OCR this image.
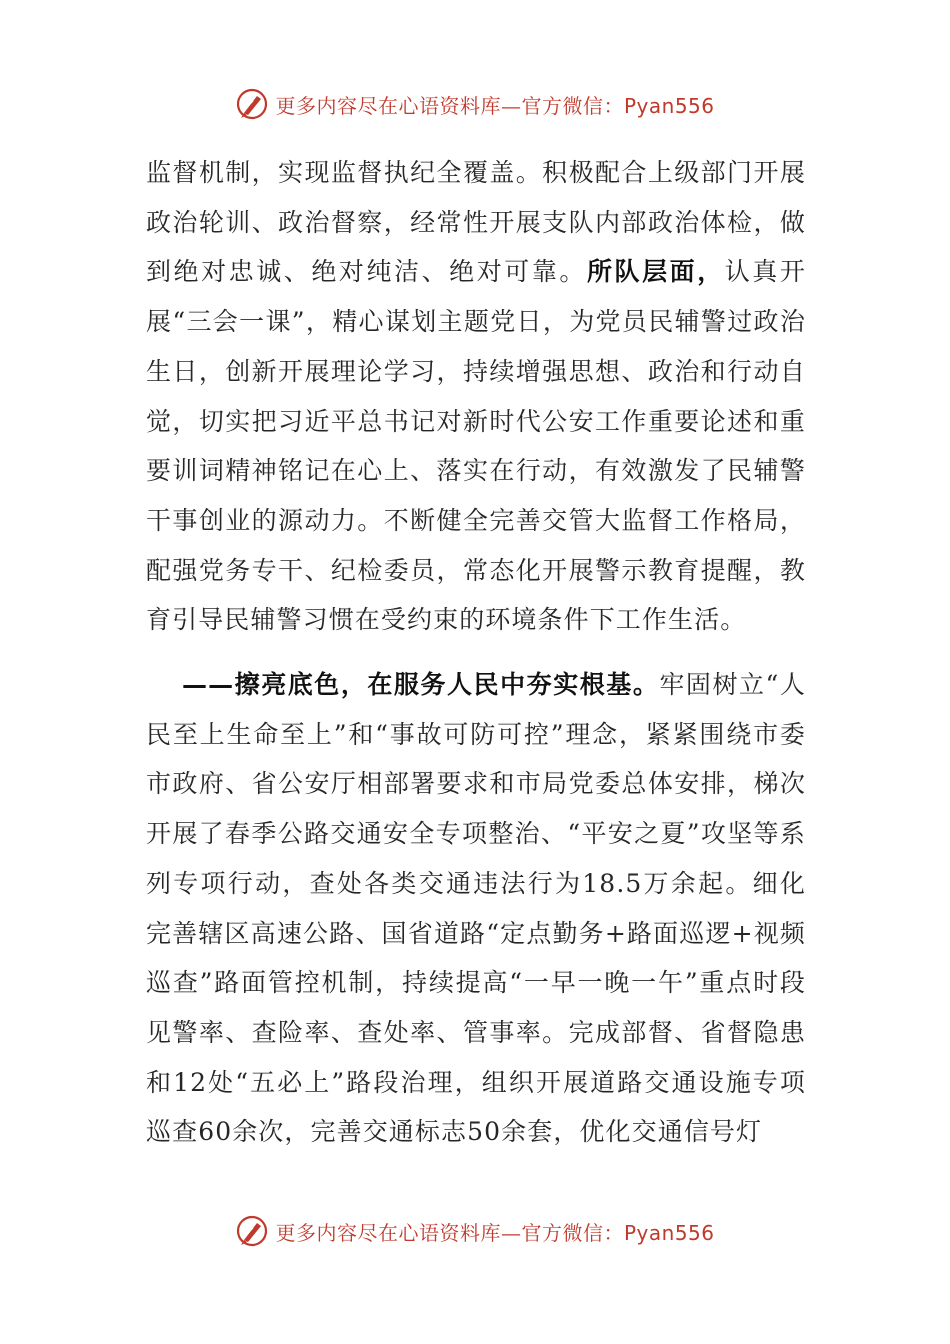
更多内容尽在心语资料库—官方微信：Pyan556

监督机制，实现监督执纪全覆盖。积极配合上级部门开展政治轮训、政治督察，经常性开展支队内部政治体检，做到绝对忠诚、绝对纯洁、绝对可靠。所队层面，认真开展“三会一课”，精心谋划主题党日，为党员民辅警过政治生日，创新开展理论学习，持续增强思想、政治和行动自觉，切实把习近平总书记对新时代公安工作重要论述和重要训词精神铭记在心上、落实在行动，有效激发了民辅警干事创业的源动力。不断健全完善交管大监督工作格局，配强党务专干、纪检委员，常态化开展警示教育提醒，教育引导民辅警习惯在受约束的环境条件下工作生活。

——擦亮底色，在服务人民中夯实根基。牢固树立“人民至上生命至上”和“事故可防可控”理念，紧紧围绕市委市政府、省公安厅相部署要求和市局党委总体安排，梯次开展了春季公路交通安全专项整治、“平安之夏”攻坚等系列专项行动，查处各类交通违法行为18.5万余起。细化完善辖区高速公路、国省道路“定点勤务+路面巡逻+视频巡查”路面管控机制，持续提高“一早一晚一午”重点时段见警率、查险率、查处率、管事率。完成部督、省督隐患和12处“五必上”路段治理，组织开展道路交通设施专项巡查60余次，完善交通标志50余套，优化交通信号灯

更多内容尽在心语资料库—官方微信：Pyan556
